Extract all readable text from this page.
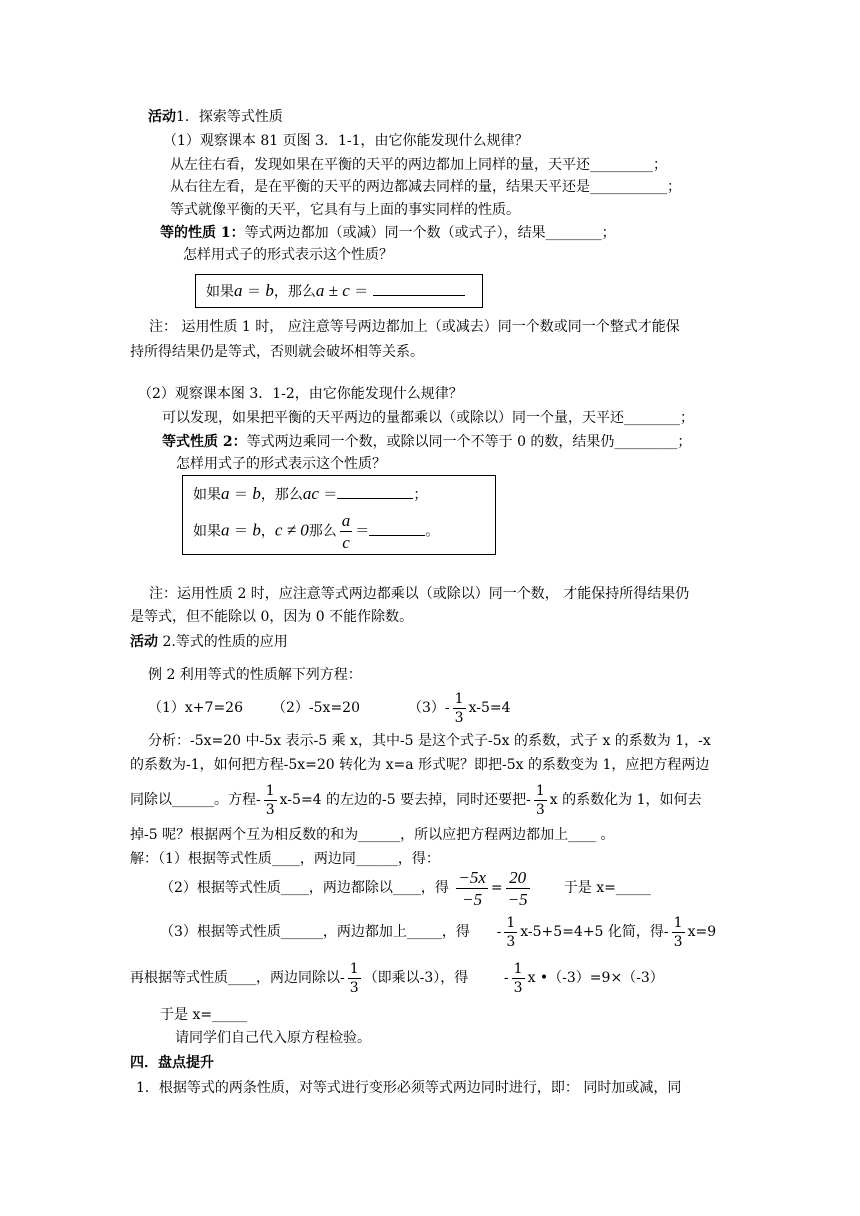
活动1．探索等式性质
（1）观察课本 81 页图 3．1-1，由它你能发现什么规律？
从左往右看，发现如果在平衡的天平的两边都加上同样的量，天平还_________；
从右往左看，是在平衡的天平的两边都减去同样的量，结果天平还是___________；
等式就像平衡的天平，它具有与上面的事实同样的性质。
等的性质 1：等式两边都加（或减）同一个数（或式子），结果________；
怎样用式子的形式表示这个性质？
如果a ＝ b，那么a ± c ＝
注： 运用性质 1 时， 应注意等号两边都加上（或减去）同一个数或同一个整式才能保
持所得结果仍是等式，否则就会破坏相等关系。
（2）观察课本图 3．1-2，由它你能发现什么规律？
可以发现，如果把平衡的天平两边的量都乘以（或除以）同一个量，天平还________；
等式性质 2：等式两边乘同一个数，或除以同一个不等于 0 的数，结果仍_________；
怎样用式子的形式表示这个性质？
如果a ＝ b，那么ac ＝	；
如果a ＝ b，c ≠ 0那么 $\frac{a}{c}$ ＝	。
注：运用性质 2 时，应注意等式两边都乘以（或除以）同一个数， 才能保持所得结果仍
是等式，但不能除以 0，因为 0 不能作除数。
活动 2.等式的性质的应用
例 2 利用等式的性质解下列方程：
（1）x+7=26 （2）-5x=20	$(3)- \frac{1}{3} x-5=4$
分析：-5x=20 中-5x 表示-5 乘 x，其中-5 是这个式子-5x 的系数，式子 x 的系数为 1，-x
的系数为-1，如何把方程-5x=20 转化为 x=a 形式呢？即把-5x 的系数变为 1，应把方程两边
同除以______。方程- $\frac{1}{3} x-5=4$ 的左边的-5 要去掉，同时还要把- $\frac{1}{3}$ x 的系数化为 1，如何去
掉-5 呢？根据两个互为相反数的和为______，所以应把方程两边都加上____ 。
解：（1）根据等式性质____，两边同______，得：
（2）根据等式性质____，两边都除以____，得 $\frac{-5x}{-5} = \frac{20}{-5}$ 于是 x=_____
（3）根据等式性质______，两边都加上_____，得 - $\frac{1}{3} x-5+5=4+5$ 化简，得- $\frac{1}{3} x=9$
再根据等式性质____，两边同除以- $\frac{1}{3}$ （即乘以-3），得	- $\frac{1}{3}$ x •（-3）=9×（-3）
于是 x=_____
请同学们自己代入原方程检验。
四．盘点提升
1．根据等式的两条性质，对等式进行变形必须等式两边同时进行，即： 同时加或减，同
